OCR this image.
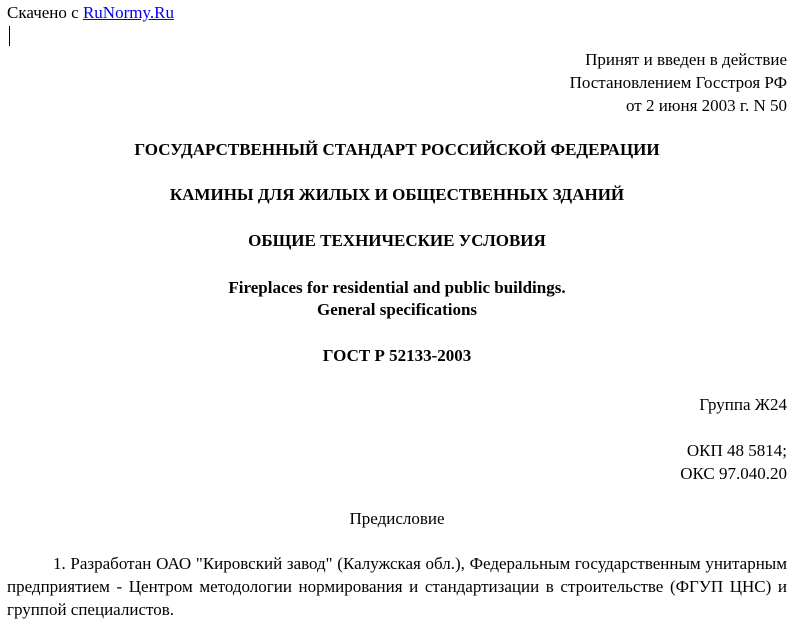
Скачено с RuNormy.Ru
Принят и введен в действие
Постановлением Госстроя РФ
от 2 июня 2003 г. N 50
ГОСУДАРСТВЕННЫЙ СТАНДАРТ РОССИЙСКОЙ ФЕДЕРАЦИИ
КАМИНЫ ДЛЯ ЖИЛЫХ И ОБЩЕСТВЕННЫХ ЗДАНИЙ
ОБЩИЕ ТЕХНИЧЕСКИЕ УСЛОВИЯ
Fireplaces for residential and public buildings.
General specifications
ГОСТ Р 52133-2003
Группа Ж24
ОКП 48 5814;
ОКС 97.040.20
Предисловие
1. Разработан ОАО "Кировский завод" (Калужская обл.), Федеральным государственным унитарным предприятием - Центром методологии нормирования и стандартизации в строительстве (ФГУП ЦНС) и группой специалистов.
